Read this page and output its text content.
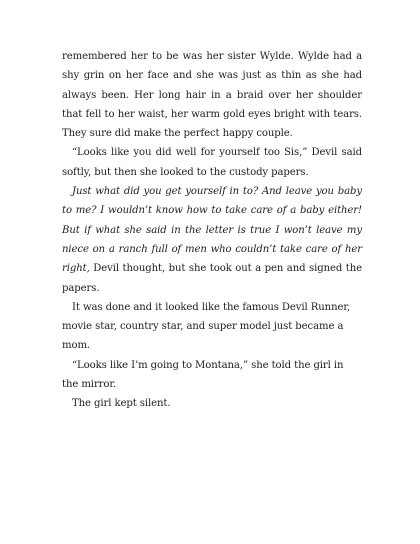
remembered her to be was her sister Wylde. Wylde had a shy grin on her face and she was just as thin as she had always been. Her long hair in a braid over her shoulder that fell to her waist, her warm gold eyes bright with tears. They sure did make the perfect happy couple.

“Looks like you did well for yourself too Sis,” Devil said softly, but then she looked to the custody papers.

Just what did you get yourself in to? And leave you baby to me? I wouldn’t know how to take care of a baby either! But if what she said in the letter is true I won’t leave my niece on a ranch full of men who couldn’t take care of her right, Devil thought, but she took out a pen and signed the papers.

It was done and it looked like the famous Devil Runner, movie star, country star, and super model just became a mom.

“Looks like I’m going to Montana,” she told the girl in the mirror.

The girl kept silent.
